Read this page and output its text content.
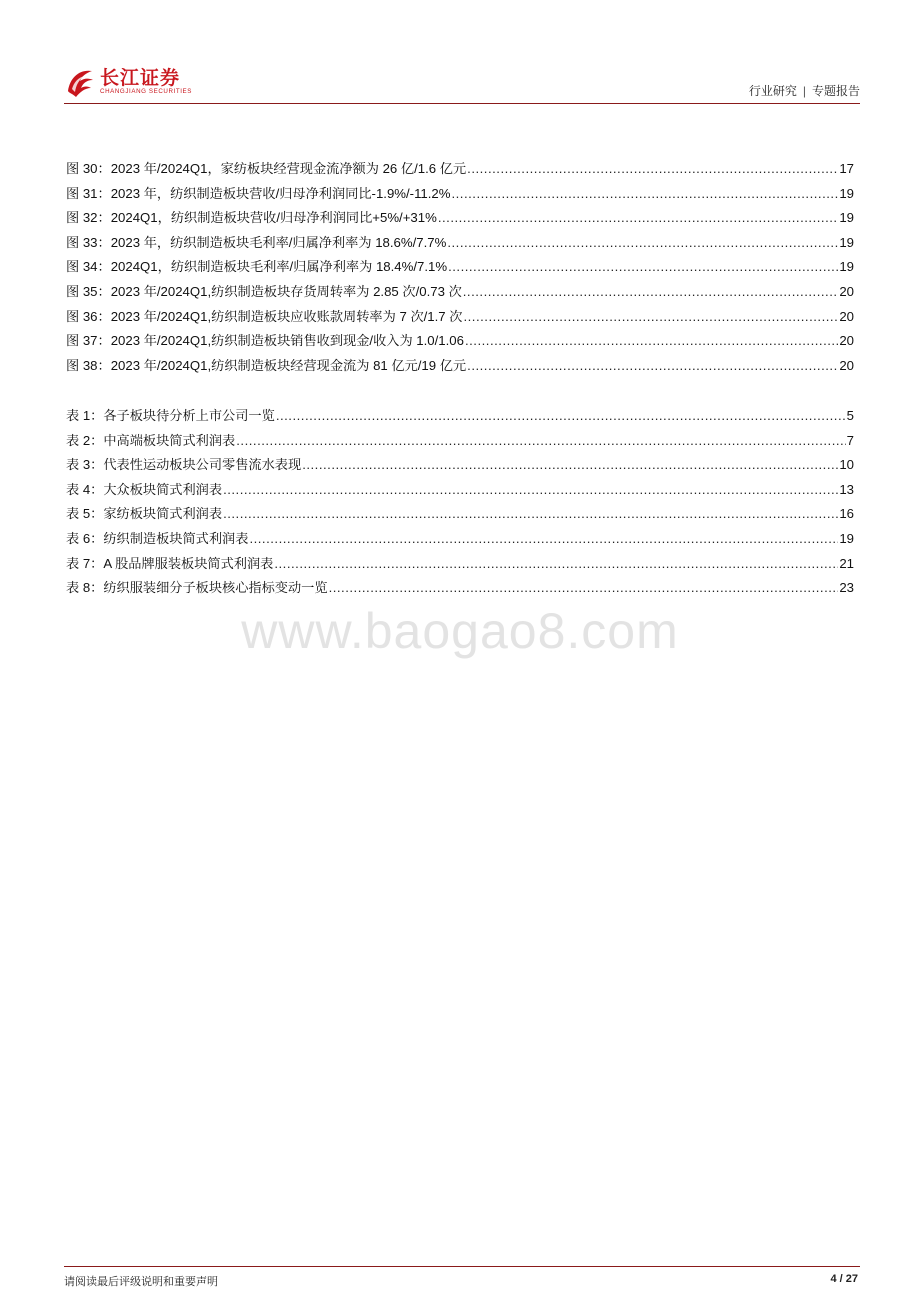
长江证券
CHANGJIANG SECURITIES	行业研究 | 专题报告
图 30：2023 年/2024Q1，家纺板块经营现金流净额为 26 亿/1.6 亿元 .....	17
图 31：2023 年，纺织制造板块营收/归母净利润同比-1.9%/-11.2% .....	19
图 32：2024Q1，纺织制造板块营收/归母净利润同比+5%/+31% .....	19
图 33：2023 年，纺织制造板块毛利率/归属净利率为 18.6%/7.7% .....	19
图 34：2024Q1，纺织制造板块毛利率/归属净利率为 18.4%/7.1% .....	19
图 35：2023 年/2024Q1,纺织制造板块存货周转率为 2.85 次/0.73 次 .....	20
图 36：2023 年/2024Q1,纺织制造板块应收账款周转率为 7 次/1.7 次 .....	20
图 37：2023 年/2024Q1,纺织制造板块销售收到现金/收入为 1.0/1.06 .....	20
图 38：2023 年/2024Q1,纺织制造板块经营现金流为 81 亿元/19 亿元 .....	20
表 1：各子板块待分析上市公司一览 .....	5
表 2：中高端板块简式利润表 .....	7
表 3：代表性运动板块公司零售流水表现 .....	10
表 4：大众板块简式利润表 .....	13
表 5：家纺板块简式利润表 .....	16
表 6：纺织制造板块简式利润表 .....	19
表 7：A 股品牌服装板块简式利润表 .....	21
表 8：纺织服装细分子板块核心指标变动一览 .....	23
www.baogao8.com
请阅读最后评级说明和重要声明	4 / 27
